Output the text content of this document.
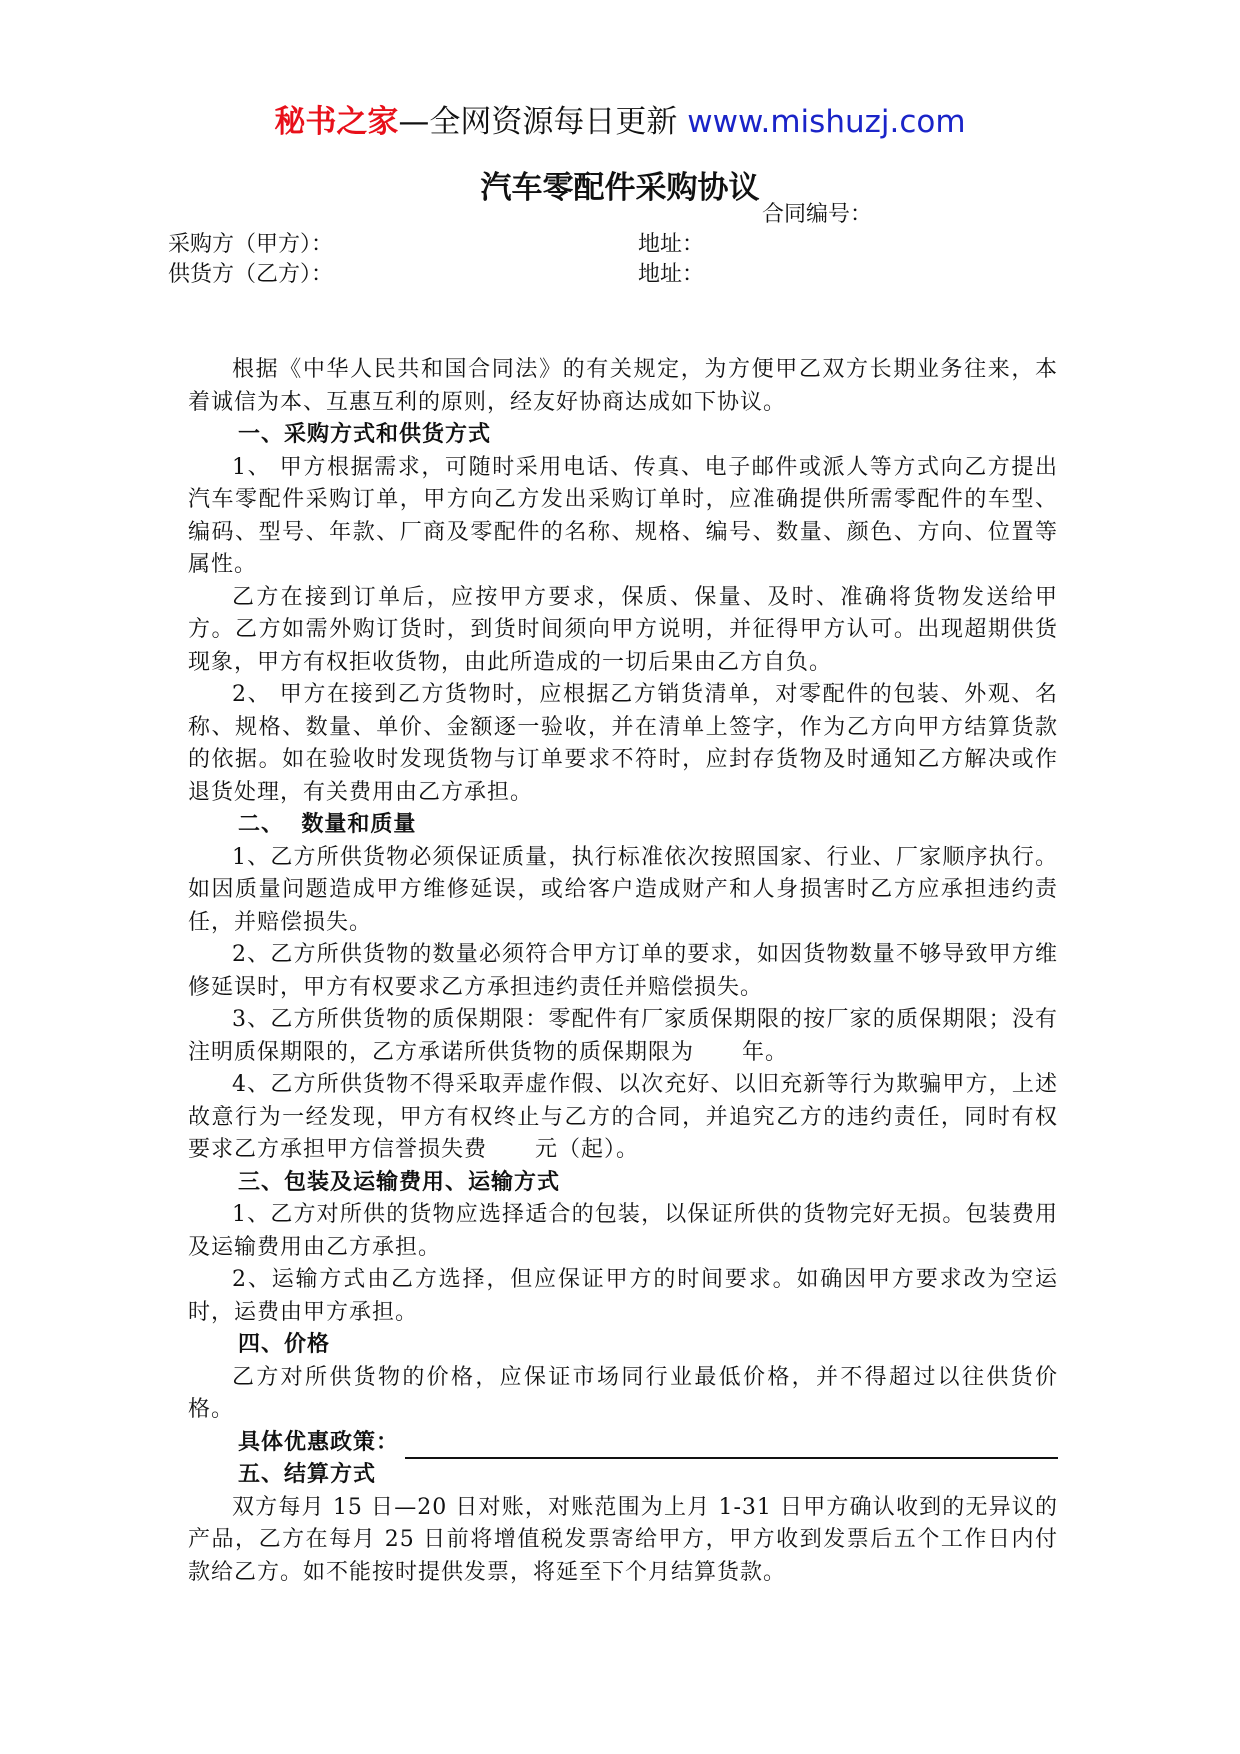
秘书之家—全网资源每日更新 www.mishuzj.com
汽车零配件采购协议
合同编号：
采购方（甲方）：	地址：
供货方（乙方）：	地址：

根据《中华人民共和国合同法》的有关规定，为方便甲乙双方长期业务往来，本着诚信为本、互惠互利的原则，经友好协商达成如下协议。

一、采购方式和供货方式

1、 甲方根据需求，可随时采用电话、传真、电子邮件或派人等方式向乙方提出汽车零配件采购订单，甲方向乙方发出采购订单时，应准确提供所需零配件的车型、编码、型号、年款、厂商及零配件的名称、规格、编号、数量、颜色、方向、位置等属性。

乙方在接到订单后，应按甲方要求，保质、保量、及时、准确将货物发送给甲方。乙方如需外购订货时，到货时间须向甲方说明，并征得甲方认可。出现超期供货现象，甲方有权拒收货物，由此所造成的一切后果由乙方自负。

2、 甲方在接到乙方货物时，应根据乙方销货清单，对零配件的包装、外观、名称、规格、数量、单价、金额逐一验收，并在清单上签字，作为乙方向甲方结算货款的依据。如在验收时发现货物与订单要求不符时，应封存货物及时通知乙方解决或作退货处理，有关费用由乙方承担。

二、  数量和质量

1、乙方所供货物必须保证质量，执行标准依次按照国家、行业、厂家顺序执行。如因质量问题造成甲方维修延误，或给客户造成财产和人身损害时乙方应承担违约责任，并赔偿损失。

2、乙方所供货物的数量必须符合甲方订单的要求，如因货物数量不够导致甲方维修延误时，甲方有权要求乙方承担违约责任并赔偿损失。

3、乙方所供货物的质保期限：零配件有厂家质保期限的按厂家的质保期限；没有注明质保期限的，乙方承诺所供货物的质保期限为      年。

4、乙方所供货物不得采取弄虚作假、以次充好、以旧充新等行为欺骗甲方，上述故意行为一经发现，甲方有权终止与乙方的合同，并追究乙方的违约责任，同时有权要求乙方承担甲方信誉损失费      元（起）。

三、包装及运输费用、运输方式

1、乙方对所供的货物应选择适合的包装，以保证所供的货物完好无损。包装费用及运输费用由乙方承担。

2、运输方式由乙方选择，但应保证甲方的时间要求。如确因甲方要求改为空运时，运费由甲方承担。

四、价格

乙方对所供货物的价格，应保证市场同行业最低价格，并不得超过以往供货价格。

具体优惠政策：
五、结算方式

双方每月 15 日—20 日对账，对账范围为上月 1-31 日甲方确认收到的无异议的产品，乙方在每月 25 日前将增值税发票寄给甲方，甲方收到发票后五个工作日内付款给乙方。如不能按时提供发票，将延至下个月结算货款。
